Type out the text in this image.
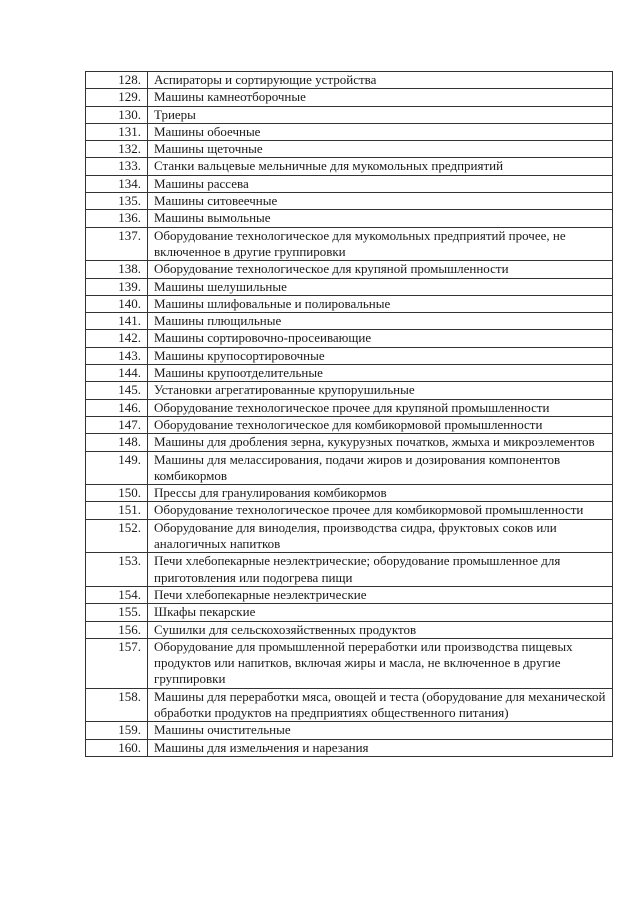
128.	Аспираторы и сортирующие устройства
129.	Машины камнеотборочные
130.	Триеры
131.	Машины обоечные
132.	Машины щеточные
133.	Станки вальцевые мельничные для мукомольных предприятий
134.	Машины рассева
135.	Машины ситовеечные
136.	Машины вымольные
137.	Оборудование технологическое для мукомольных предприятий прочее, не включенное в другие группировки
138.	Оборудование технологическое для крупяной промышленности
139.	Машины шелушильные
140.	Машины шлифовальные и полировальные
141.	Машины плющильные
142.	Машины сортировочно-просеивающие
143.	Машины крупосортировочные
144.	Машины крупоотделительные
145.	Установки агрегатированные крупорушильные
146.	Оборудование технологическое прочее для крупяной промышленности
147.	Оборудование технологическое для комбикормовой промышленности
148.	Машины для дробления зерна, кукурузных початков, жмыха и микроэлементов
149.	Машины для мелассирования, подачи жиров и дозирования компонентов комбикормов
150.	Прессы для гранулирования комбикормов
151.	Оборудование технологическое прочее для комбикормовой промышленности
152.	Оборудование для виноделия, производства сидра, фруктовых соков или аналогичных напитков
153.	Печи хлебопекарные неэлектрические; оборудование промышленное для приготовления или подогрева пищи
154.	Печи хлебопекарные неэлектрические
155.	Шкафы пекарские
156.	Сушилки для сельскохозяйственных продуктов
157.	Оборудование для промышленной переработки или производства пищевых продуктов или напитков, включая жиры и масла, не включенное в другие группировки
158.	Машины для переработки мяса, овощей и теста (оборудование для механической обработки продуктов на предприятиях общественного питания)
159.	Машины очистительные
160.	Машины для измельчения и нарезания
